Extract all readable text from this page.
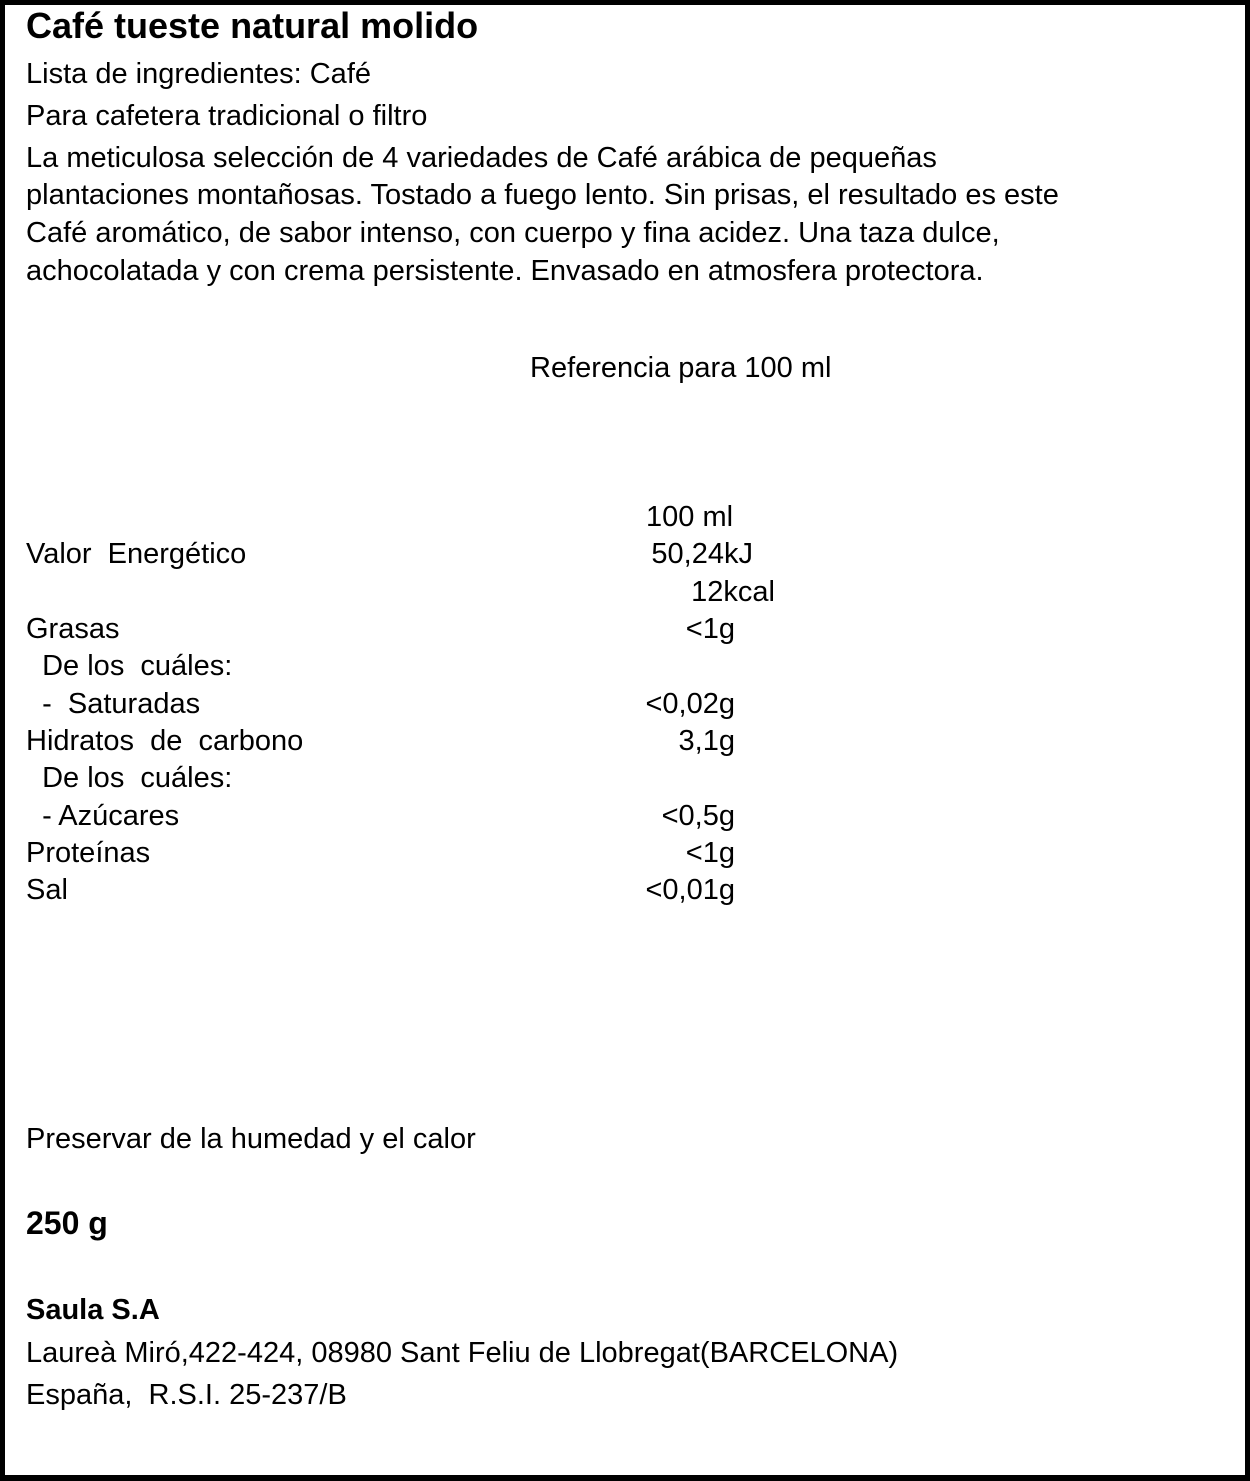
Café tueste natural molido
Lista de ingredientes: Café
Para cafetera tradicional o filtro
La meticulosa selección de 4 variedades de Café arábica de pequeñas
plantaciones montañosas. Tostado a fuego lento. Sin prisas, el resultado es este
Café aromático, de sabor intenso, con cuerpo y fina acidez. Una taza dulce,
achocolatada y con crema persistente. Envasado en atmosfera protectora.
Referencia para 100 ml
100 ml
Valor  Energético	50,24kJ
12kcal
Grasas	<1g
De los  cuáles:
-  Saturadas	<0,02g
Hidratos  de  carbono	3,1g
De los  cuáles:
- Azúcares	<0,5g
Proteínas	<1g
Sal	<0,01g
Preservar de la humedad y el calor
250 g
Saula S.A
Laureà Miró,422-424, 08980 Sant Feliu de Llobregat(BARCELONA)
España,  R.S.I. 25-237/B
